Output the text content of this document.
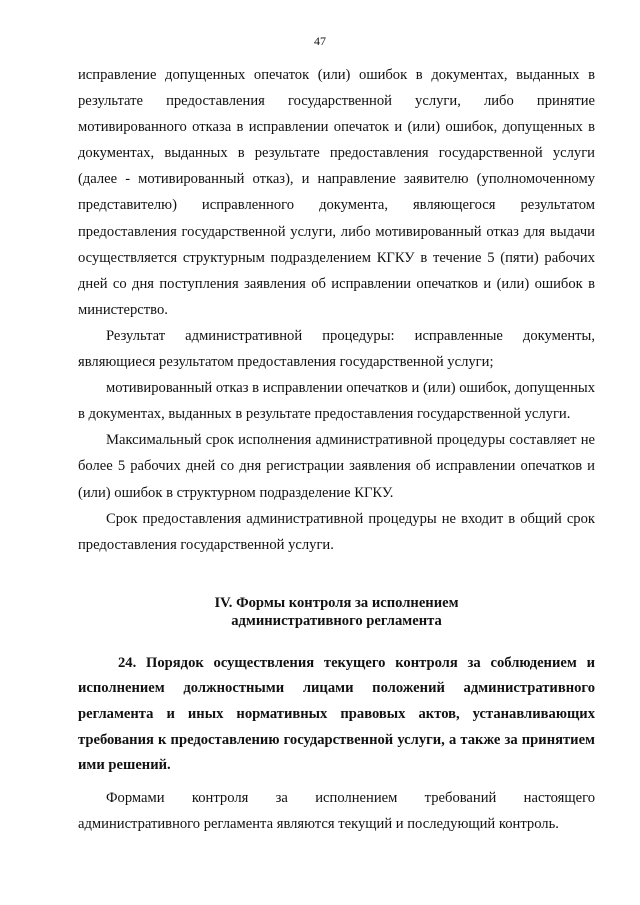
47

исправление допущенных опечаток (или) ошибок в документах, выданных в результате предоставления государственной услуги, либо принятие мотивированного отказа в исправлении опечаток и (или) ошибок, допущенных в документах, выданных в результате предоставления государственной услуги (далее - мотивированный отказ), и направление заявителю (уполномоченному представителю) исправленного документа, являющегося результатом предоставления государственной услуги, либо мотивированный отказ для выдачи осуществляется структурным подразделением КГКУ в течение 5 (пяти) рабочих дней со дня поступления заявления об исправлении опечатков и (или) ошибок в министерство.

Результат административной процедуры: исправленные документы, являющиеся результатом предоставления государственной услуги;

мотивированный отказ в исправлении опечатков и (или) ошибок, допущенных в документах, выданных в результате предоставления государственной услуги.

Максимальный срок исполнения административной процедуры составляет не более 5 рабочих дней со дня регистрации заявления об исправлении опечатков и (или) ошибок в структурном подразделение КГКУ.

Срок предоставления административной процедуры не входит в общий срок предоставления государственной услуги.

IV. Формы контроля за исполнением
административного регламента

24. Порядок осуществления текущего контроля за соблюдением и исполнением должностными лицами положений административного регламента и иных нормативных правовых актов, устанавливающих требования к предоставлению государственной услуги, а также за принятием ими решений.

Формами контроля за исполнением требований настоящего административного регламента являются текущий и последующий контроль.
